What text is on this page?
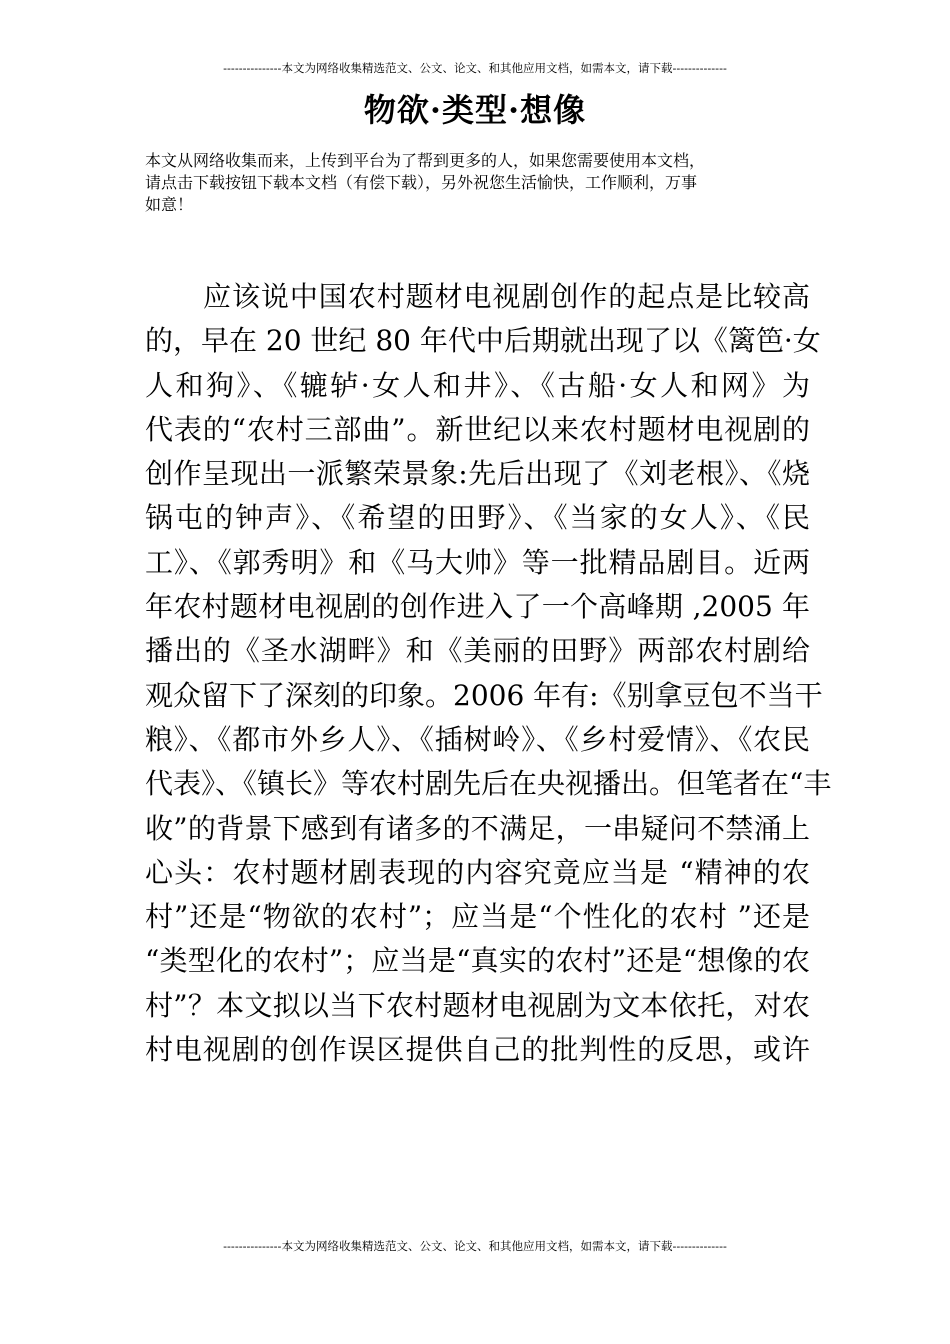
---------------本文为网络收集精选范文、公文、论文、和其他应用文档，如需本文，请下载--------------
物欲·类型·想像
本文从网络收集而来，上传到平台为了帮到更多的人，如果您需要使用本文档，
请点击下载按钮下载本文档（有偿下载），另外祝您生活愉快，工作顺利，万事
如意！
应该说中国农村题材电视剧创作的起点是比较高
的，早在 20 世纪 80 年代中后期就出现了以《篱笆·女
人和狗》、《辘轳·女人和井》、《古船·女人和网》为
代表的“农村三部曲”。新世纪以来农村题材电视剧的
创作呈现出一派繁荣景象:先后出现了《刘老根》、《烧
锅屯的钟声》、《希望的田野》、《当家的女人》、《民
工》、《郭秀明》和《马大帅》等一批精品剧目。近两
年农村题材电视剧的创作进入了一个高峰期 ,2005 年
播出的《圣水湖畔》和《美丽的田野》两部农村剧给
观众留下了深刻的印象。2006 年有:《别拿豆包不当干
粮》、《都市外乡人》、《插树岭》、《乡村爱情》、《农民
代表》、《镇长》等农村剧先后在央视播出。但笔者在“丰
收”的背景下感到有诸多的不满足，一串疑问不禁涌上
心头：农村题材剧表现的内容究竟应当是 “精神的农
村”还是“物欲的农村”；应当是“个性化的农村 ”还是
“类型化的农村”；应当是“真实的农村”还是“想像的农
村”？本文拟以当下农村题材电视剧为文本依托，对农
村电视剧的创作误区提供自己的批判性的反思，或许
---------------本文为网络收集精选范文、公文、论文、和其他应用文档，如需本文，请下载--------------
